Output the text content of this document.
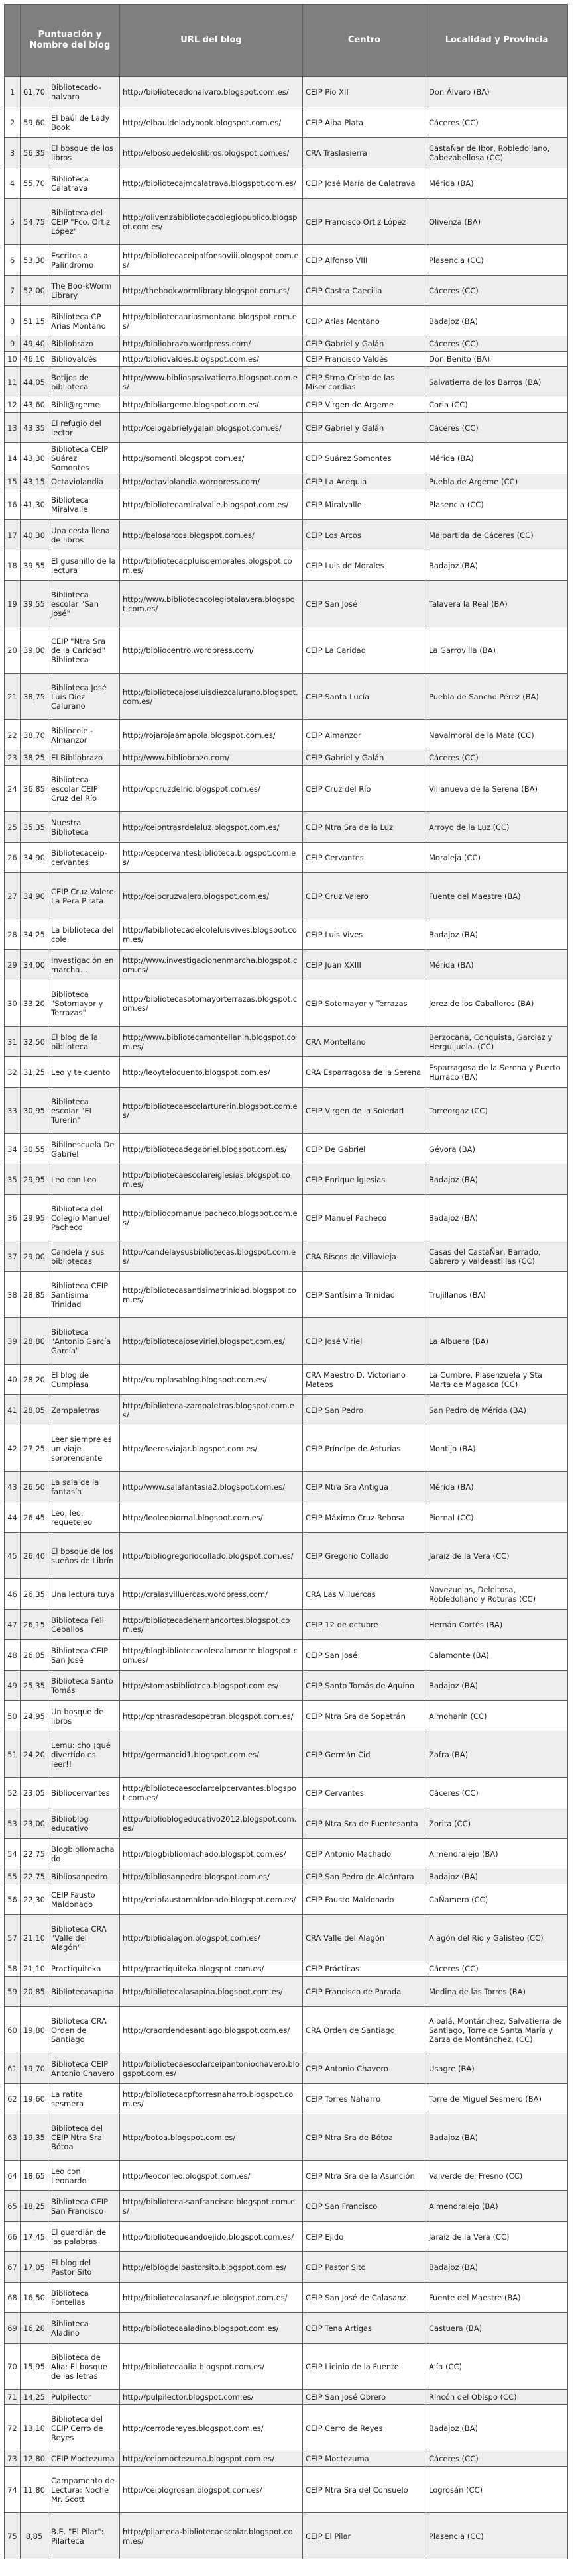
	Puntuación y Nombre del blog		URL del blog	Centro	Localidad y Provincia
1	61,70	Bibliotecado-nalvaro	http://bibliotecadonalvaro.blogspot.com.es/	CEIP Pío XII	Don Álvaro (BA)
2	59,60	El baúl de Lady Book	http://elbauldeladybook.blogspot.com.es/	CEIP Alba Plata	Cáceres (CC)
3	56,35	El bosque de los libros	http://elbosquedeloslibros.blogspot.com.es/	CRA Traslasierra	CastaÑar de Ibor, Robledollano, Cabezabellosa (CC)
4	55,70	Biblioteca Calatrava	http://bibliotecajmcalatrava.blogspot.com.es/	CEIP José María de Calatrava	Mérida (BA)
5	54,75	Biblioteca del CEIP "Fco. Ortiz López"	http://olivenzabibliotecacolegiopublico.blogspot.com.es/	CEIP Francisco Ortiz López	Olivenza (BA)
6	53,30	Escritos a Palíndromo	http://bibliotecaceipalfonsoviii.blogspot.com.es/	CEIP Alfonso VIII	Plasencia (CC)
7	52,00	The Boo-kWorm Library	http://thebookwormlibrary.blogspot.com.es/	CEIP Castra Caecilia	Cáceres (CC)
8	51,15	Biblioteca CP Arias Montano	http://bibliotecaariasmontano.blogspot.com.es/	CEIP Arias Montano	Badajoz (BA)
9	49,40	Bibliobrazo	http://bibliobrazo.wordpress.com/	CEIP Gabriel y Galán	Cáceres (CC)
10	46,10	Bibliovaldés	http://bibliovaldes.blogspot.com.es/	CEIP Francisco Valdés	Don Benito (BA)
11	44,05	Botijos de biblioteca	http://www.bibliospsalvatierra.blogspot.com.es/	CEIP Stmo Cristo de las Misericordias	Salvatierra de los Barros (BA)
12	43,60	Bibli@rgeme	http://bibliargeme.blogspot.com.es/	CEIP Virgen de Argeme	Coria (CC)
13	43,35	El refugio del lector	http://ceipgabrielygalan.blogspot.com.es/	CEIP Gabriel y Galán	Cáceres (CC)
14	43,30	Biblioteca CEIP Suárez Somontes	http://somonti.blogspot.com.es/	CEIP Suárez Somontes	Mérida (BA)
15	43,15	Octaviolandia	http://octaviolandia.wordpress.com/	CEIP La Acequia	Puebla de Argeme (CC)
16	41,30	Biblioteca Miralvalle	http://bibliotecamiralvalle.blogspot.com.es/	CEIP Miralvalle	Plasencia (CC)
17	40,30	Una cesta llena de libros	http://belosarcos.blogspot.com.es/	CEIP Los Arcos	Malpartida de Cáceres (CC)
18	39,55	El gusanillo de la lectura	http://bibliotecacpluisdemorales.blogspot.com.es/	CEIP Luis de Morales	Badajoz (BA)
19	39,55	Biblioteca escolar "San José"	http://www.bibliotecacolegiotalavera.blogspot.com.es/	CEIP San José	Talavera la Real (BA)
20	39,00	CEIP "Ntra Sra de la Caridad" Biblioteca	http://bibliocentro.wordpress.com/	CEIP La Caridad	La Garrovilla (BA)
21	38,75	Biblioteca José Luis Díez Calurano	http://bibliotecajoseluisdiezcalurano.blogspot.com.es/	CEIP Santa Lucía	Puebla de Sancho Pérez (BA)
22	38,70	Bibliocole - Almanzor	http://rojarojaamapola.blogspot.com.es/	CEIP Almanzor	Navalmoral de la Mata (CC)
23	38,25	El Bibliobrazo	http://www.bibliobrazo.com/	CEIP Gabriel y Galán	Cáceres (CC)
24	36,85	Biblioteca escolar CEIP Cruz del Río	http://cpcruzdelrio.blogspot.com.es/	CEIP Cruz del Río	Villanueva de la Serena (BA)
25	35,35	Nuestra Biblioteca	http://ceipntrasrdelaluz.blogspot.com.es/	CEIP Ntra Sra de la Luz	Arroyo de la Luz (CC)
26	34,90	Bibliotecaceip-cervantes	http://cepcervantesbiblioteca.blogspot.com.es/	CEIP Cervantes	Moraleja (CC)
27	34,90	CEIP Cruz Valero. La Pera Pirata.	http://ceipcruzvalero.blogspot.com.es/	CEIP Cruz Valero	Fuente del Maestre (BA)
28	34,25	La biblioteca del cole	http://labibliotecadelcoleluisvives.blogspot.com.es/	CEIP Luis Vives	Badajoz (BA)
29	34,00	Investigación en marcha…	http://www.investigacionenmarcha.blogspot.com.es/	CEIP Juan XXIII	Mérida (BA)
30	33,20	Biblioteca "Sotomayor y Terrazas"	http://bibliotecasotomayorterrazas.blogspot.com.es/	CEIP Sotomayor y Terrazas	Jerez de los Caballeros (BA)
31	32,50	El blog de la biblioteca	http://www.bibliotecamontellanin.blogspot.com.es/	CRA Montellano	Berzocana, Conquista, Garciaz y Herguijuela. (CC)
32	31,25	Leo y te cuento	http://leoytelocuento.blogspot.com.es/	CRA Esparragosa de la Serena	Esparragosa de la Serena y Puerto Hurraco (BA)
33	30,95	Biblioteca escolar "El Turerín"	http://bibliotecaescolarturerin.blogspot.com.es/	CEIP Virgen de la Soledad	Torreorgaz (CC)
34	30,55	Biblioescuela De Gabriel	http://bibliotecadegabriel.blogspot.com.es/	CEIP De Gabriel	Gévora (BA)
35	29,95	Leo con Leo	http://bibliotecaescolareiglesias.blogspot.com.es/	CEIP Enrique Iglesias	Badajoz (BA)
36	29,95	Biblioteca del Colegio Manuel Pacheco	http://bibliocpmanuelpacheco.blogspot.com.es/	CEIP Manuel Pacheco	Badajoz (BA)
37	29,00	Candela y sus bibliotecas	http://candelaysusbibliotecas.blogspot.com.es/	CRA Riscos de Villavieja	Casas del CastaÑar, Barrado, Cabrero y Valdeastillas (CC)
38	28,85	Biblioteca CEIP Santísima Trinidad	http://bibliotecasantisimatrinidad.blogspot.com.es/	CEIP Santísima Trinidad	Trujillanos (BA)
39	28,80	Biblioteca "Antonio García García"	http://bibliotecajoseviriel.blogspot.com.es/	CEIP José Viriel	La Albuera (BA)
40	28,20	El blog de Cumplasa	http://cumplasablog.blogspot.com.es/	CRA Maestro D. Victoriano Mateos	La Cumbre, Plasenzuela y Sta Marta de Magasca (CC)
41	28,05	Zampaletras	http://biblioteca-zampaletras.blogspot.com.es/	CEIP San Pedro	San Pedro de Mérida (BA)
42	27,25	Leer siempre es un viaje sorprendente	http://leeresviajar.blogspot.com.es/	CEIP Príncipe de Asturias	Montijo (BA)
43	26,50	La sala de la fantasía	http://www.salafantasia2.blogspot.com.es/	CEIP Ntra Sra Antigua	Mérida (BA)
44	26,45	Leo, leo, requeteleo	http://leoleopiornal.blogspot.com.es/	CEIP Máximo Cruz Rebosa	Piornal (CC)
45	26,40	El bosque de los sueños de Librín	http://bibliogregoriocollado.blogspot.com.es/	CEIP Gregorio Collado	Jaraíz de la Vera (CC)
46	26,35	Una lectura tuya	http://cralasvilluercas.wordpress.com/	CRA Las Villuercas	Navezuelas, Deleitosa, Robledollano y Roturas (CC)
47	26,15	Biblioteca Feli Ceballos	http://bibliotecadehernancortes.blogspot.com.es/	CEIP 12 de octubre	Hernán Cortés (BA)
48	26,05	Biblioteca CEIP San José	http://blogbibliotecacolecalamonte.blogspot.com.es/	CEIP San José	Calamonte (BA)
49	25,35	Biblioteca Santo Tomás	http://stomasbiblioteca.blogspot.com.es/	CEIP Santo Tomás de Aquino	Badajoz (BA)
50	24,95	Un bosque de libros	http://cpntrasradesopetran.blogspot.com.es/	CEIP Ntra Sra de Sopetrán	Almoharín (CC)
51	24,20	Lemu: cho ¡qué divertido es leer!!	http://germancid1.blogspot.com.es/	CEIP Germán Cid	Zafra (BA)
52	23,05	Bibliocervantes	http://bibliotecaescolarceipcervantes.blogspot.com.es/	CEIP Cervantes	Cáceres (CC)
53	23,00	Biblioblog educativo	http://biblioblogeducativo2012.blogspot.com.es/	CEIP Ntra Sra de Fuentesanta	Zorita (CC)
54	22,75	Blogbibliomachado	http://blogbibliomachado.blogspot.com.es/	CEIP Antonio Machado	Almendralejo (BA)
55	22,75	Bibliosanpedro	http://bibliosanpedro.blogspot.com.es/	CEIP San Pedro de Alcántara	Badajoz (BA)
56	22,30	CEIP Fausto Maldonado	http://ceipfaustomaldonado.blogspot.com.es/	CEIP Fausto Maldonado	CaÑamero (CC)
57	21,10	Biblioteca CRA "Valle del Alagón"	http://biblioalagon.blogspot.com.es/	CRA Valle del Alagón	Alagón del Río y Galisteo (CC)
58	21,10	Practiquiteka	http://practiquiteka.blogspot.com.es/	CEIP Prácticas	Cáceres (CC)
59	20,85	Bibliotecasapina	http://bibliotecalasapina.blogspot.com.es/	CEIP Francisco de Parada	Medina de las Torres (BA)
60	19,80	Biblioteca CRA Orden de Santiago	http://craordendesantiago.blogspot.com.es/	CRA Orden de Santiago	Albalá, Montánchez, Salvatierra de Santiago, Torre de Santa María y Zarza de Montánchez. (CC)
61	19,70	Biblioteca CEIP Antonio Chavero	http://bibliotecaescolarceipantoniochavero.blogspot.com.es/	CEIP Antonio Chavero	Usagre (BA)
62	19,60	La ratita sesmera	http://bibliotecacpftorresnaharro.blogspot.com.es/	CEIP Torres Naharro	Torre de Miguel Sesmero (BA)
63	19,35	Biblioteca del CEIP Ntra Sra Bótoa	http://botoa.blogspot.com.es/	CEIP Ntra Sra de Bótoa	Badajoz (BA)
64	18,65	Leo con Leonardo	http://leoconleo.blogspot.com.es/	CEIP Ntra Sra de la Asunción	Valverde del Fresno (CC)
65	18,25	Biblioteca CEIP San Francisco	http://biblioteca-sanfrancisco.blogspot.com.es/	CEIP San Francisco	Almendralejo (BA)
66	17,45	El guardián de las palabras	http://bibliotequeandoejido.blogspot.com.es/	CEIP Ejido	Jaraíz de la Vera (CC)
67	17,05	El blog del Pastor Sito	http://elblogdelpastorsito.blogspot.com.es/	CEIP Pastor Sito	Badajoz (BA)
68	16,50	Biblioteca Fontellas	http://bibliotecalasanzfue.blogspot.com.es/	CEIP San José de Calasanz	Fuente del Maestre (BA)
69	16,20	Biblioteca Aladino	http://bibliotecaaladino.blogspot.com.es/	CEIP Tena Artigas	Castuera (BA)
70	15,95	Biblioteca de Alía: El bosque de las letras	http://bibliotecaalia.blogspot.com.es/	CEIP Licinio de la Fuente	Alía (CC)
71	14,25	Pulpilector	http://pulpilector.blogspot.com.es/	CEIP San José Obrero	Rincón del Obispo (CC)
72	13,10	Biblioteca del CEIP Cerro de Reyes	http://cerrodereyes.blogspot.com.es/	CEIP Cerro de Reyes	Badajoz (BA)
73	12,80	CEIP Moctezuma	http://ceipmoctezuma.blogspot.com.es/	CEIP Moctezuma	Cáceres (CC)
74	11,80	Campamento de Lectura: Noche Mr. Scott	http://ceiplogrosan.blogspot.com.es/	CEIP Ntra Sra del Consuelo	Logrosán (CC)
75	8,85	B.E. "El Pilar": Pilarteca	http://pilarteca-bibliotecaescolar.blogspot.com.es/	CEIP El Pilar	Plasencia (CC)
